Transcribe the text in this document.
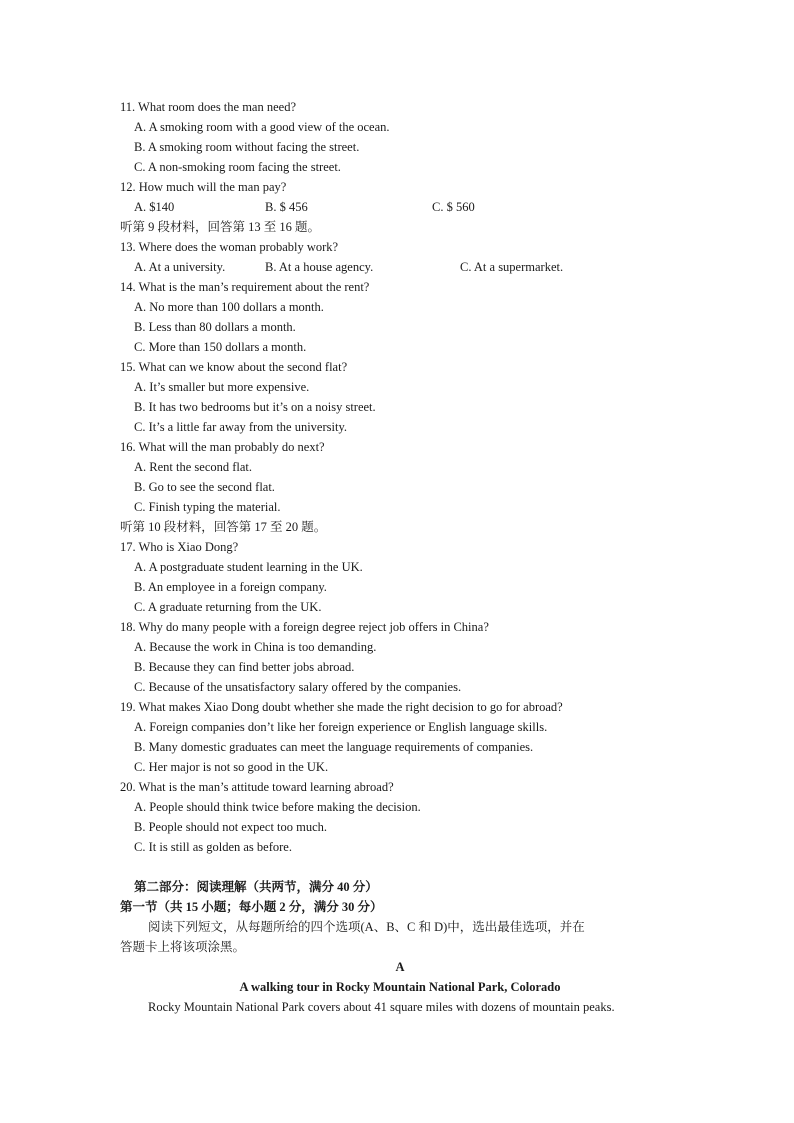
11. What room does the man need?
A. A smoking room with a good view of the ocean.
B. A smoking room without facing the street.
C. A non-smoking room facing the street.
12. How much will the man pay?
A. $140	B. $ 456	C. $ 560
听第 9 段材料，回答第 13 至 16 题。
13. Where does the woman probably work?
A. At a university.	B. At a house agency.	C. At a supermarket.
14. What is the man’s requirement about the rent?
A. No more than 100 dollars a month.
B. Less than 80 dollars a month.
C. More than 150 dollars a month.
15. What can we know about the second flat?
A. It’s smaller but more expensive.
B. It has two bedrooms but it’s on a noisy street.
C. It’s a little far away from the university.
16. What will the man probably do next?
A. Rent the second flat.
B. Go to see the second flat.
C. Finish typing the material.
听第 10 段材料，回答第 17 至 20 题。
17. Who is Xiao Dong?
A. A postgraduate student learning in the UK.
B. An employee in a foreign company.
C. A graduate returning from the UK.
18. Why do many people with a foreign degree reject job offers in China?
A. Because the work in China is too demanding.
B. Because they can find better jobs abroad.
C. Because of the unsatisfactory salary offered by the companies.
19. What makes Xiao Dong doubt whether she made the right decision to go for abroad?
A. Foreign companies don’t like her foreign experience or English language skills.
B. Many domestic graduates can meet the language requirements of companies.
C. Her major is not so good in the UK.
20. What is the man’s attitude toward learning abroad?
A. People should think twice before making the decision.
B. People should not expect too much.
C. It is still as golden as before.
第二部分：阅读理解（共两节，满分 40 分）
第一节（共 15 小题；每小题 2 分，满分 30 分）
阅读下列短文，从每题所给的四个选项(A、B、C 和 D)中，选出最佳选项，并在
答题卡上将该项涂黑。
A
A walking tour in Rocky Mountain National Park, Colorado
Rocky Mountain National Park covers about 41 square miles with dozens of mountain peaks.
